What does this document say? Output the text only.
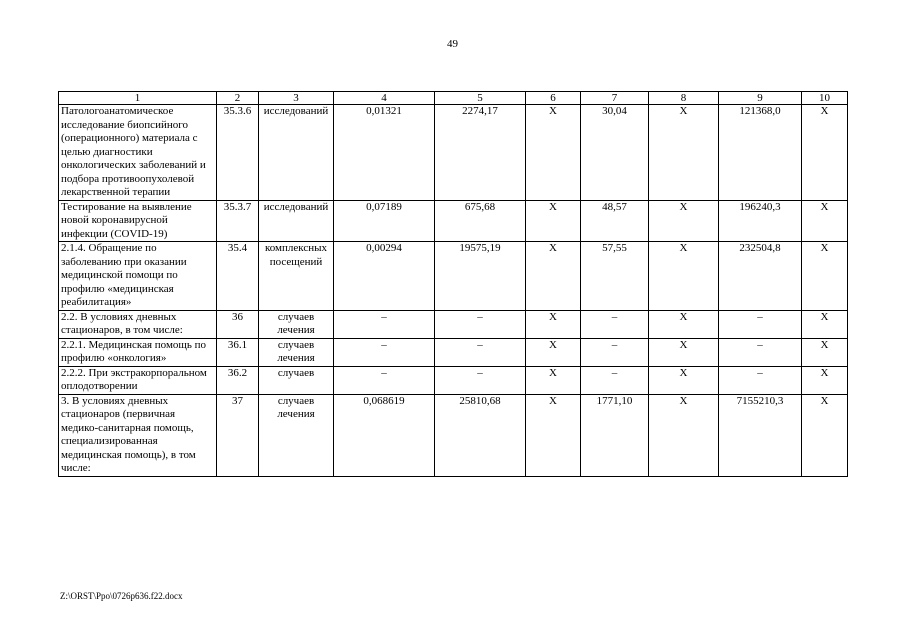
49
1	2	3	4	5	6	7	8	9	10
Патологоанатомическое исследование биопсийного (операционного) материала с целью диагностики онкологических заболеваний и подбора противоопухолевой лекарственной терапии	35.3.6	исследований	0,01321	2274,17	X	30,04	X	121368,0	X
Тестирование на выявление новой коронавирусной инфекции (COVID-19)	35.3.7	исследований	0,07189	675,68	X	48,57	X	196240,3	X
2.1.4. Обращение по заболеванию при оказании медицинской помощи по профилю «медицинская реабилитация»	35.4	комплексных посещений	0,00294	19575,19	X	57,55	X	232504,8	X
2.2. В условиях дневных стационаров, в том числе:	36	случаев лечения	–	–	X	–	X	–	X
2.2.1. Медицинская помощь по профилю «онкология»	36.1	случаев лечения	–	–	X	–	X	–	X
2.2.2. При экстракорпоральном оплодотворении	36.2	случаев	–	–	X	–	X	–	X
3. В условиях дневных стационаров (первичная медико-санитарная помощь, специализированная медицинская помощь), в том числе:	37	случаев лечения	0,068619	25810,68	X	1771,10	X	7155210,3	X
Z:\ORST\Ppo\0726p636.f22.docx
